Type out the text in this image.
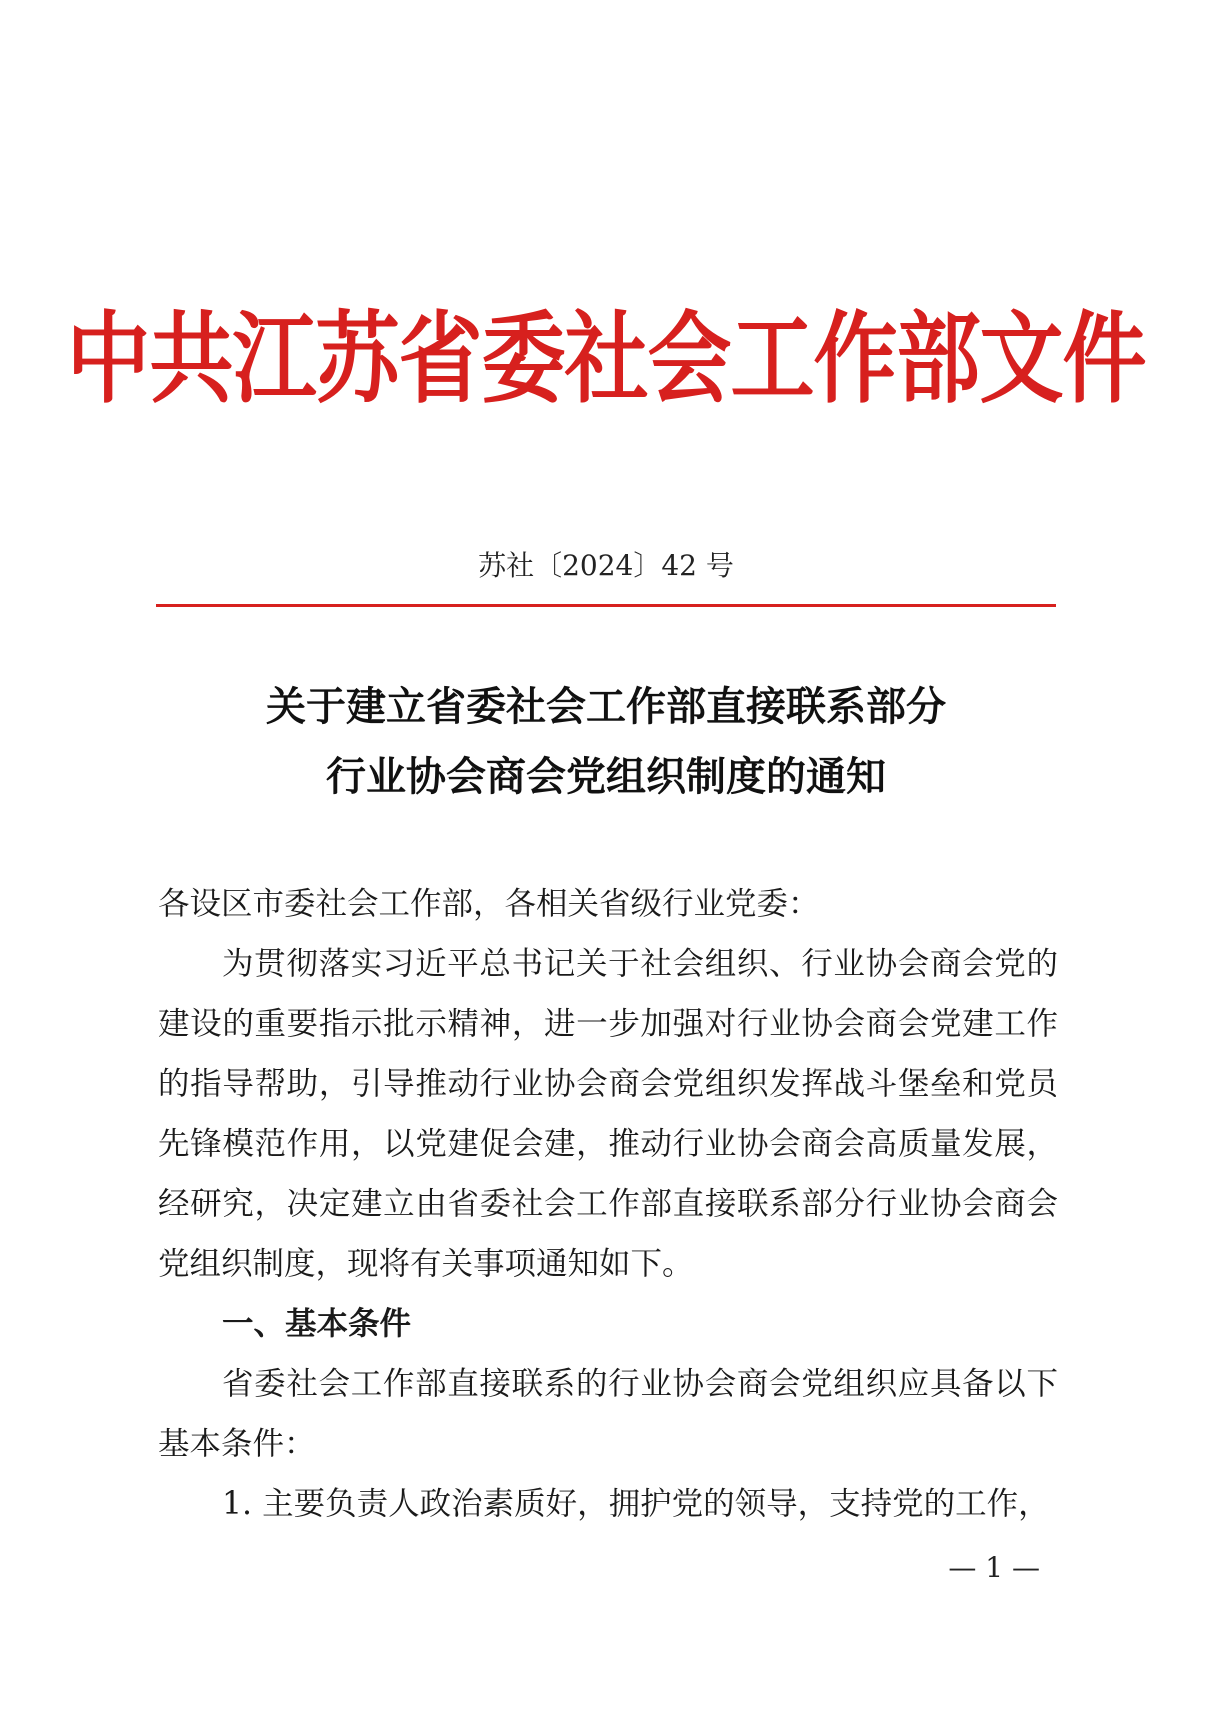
中共江苏省委社会工作部文件
苏社〔2024〕42 号
关于建立省委社会工作部直接联系部分
行业协会商会党组织制度的通知

各设区市委社会工作部，各相关省级行业党委：

为贯彻落实习近平总书记关于社会组织、行业协会商会党的建设的重要指示批示精神，进一步加强对行业协会商会党建工作的指导帮助，引导推动行业协会商会党组织发挥战斗堡垒和党员先锋模范作用，以党建促会建，推动行业协会商会高质量发展，经研究，决定建立由省委社会工作部直接联系部分行业协会商会党组织制度，现将有关事项通知如下。

一、基本条件

省委社会工作部直接联系的行业协会商会党组织应具备以下基本条件：

1. 主要负责人政治素质好，拥护党的领导，支持党的工作，

— 1 —
